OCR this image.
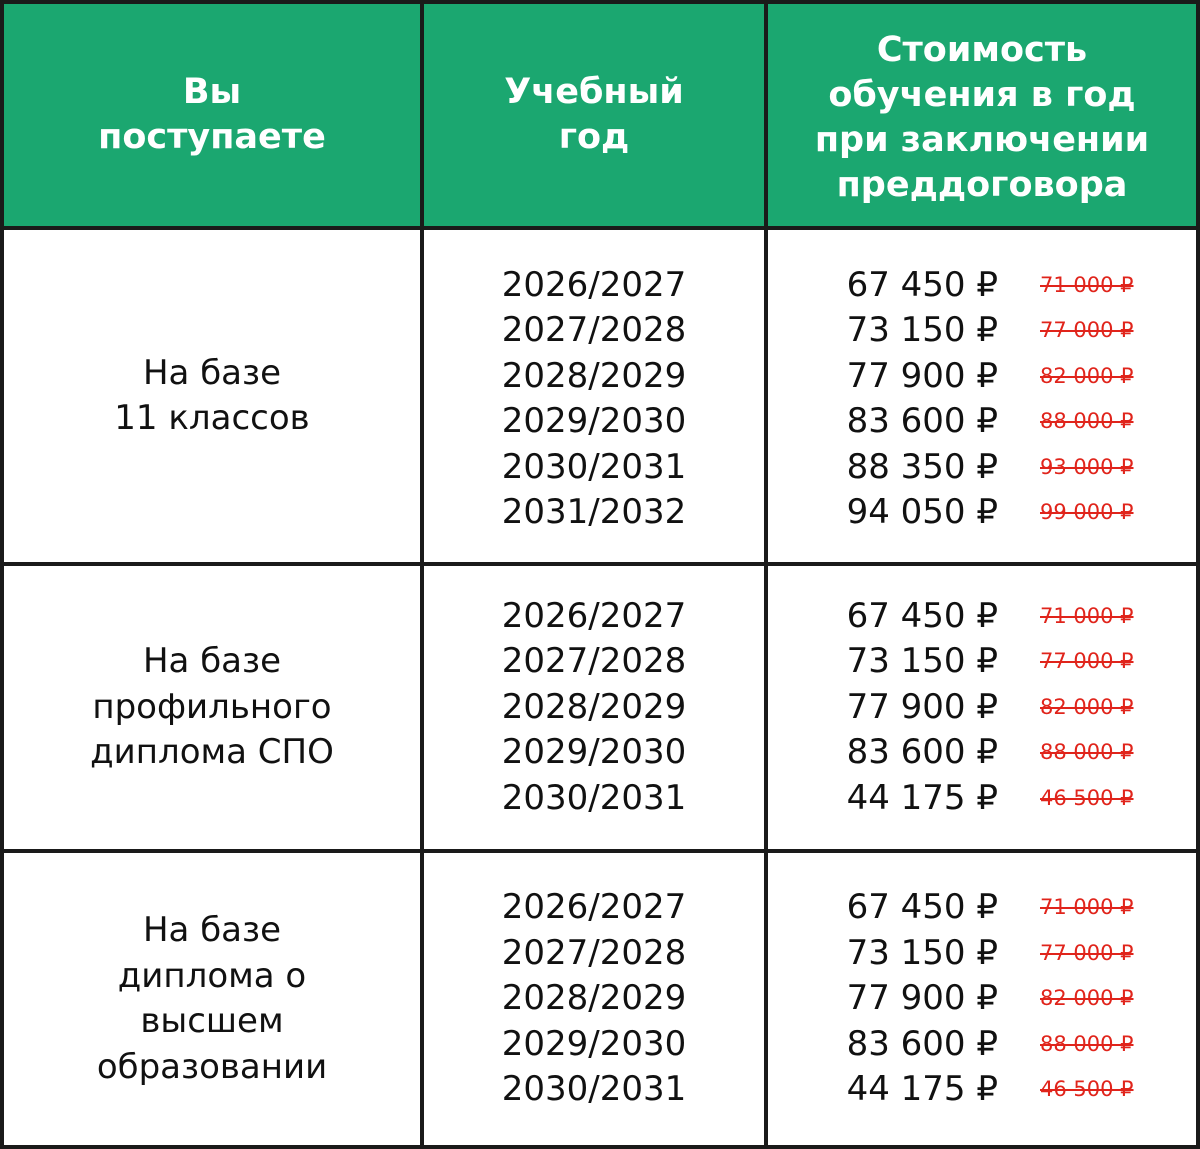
Вы
поступаете
Учебный
год
Стоимость
обучения в год
при заключении
преддоговора
На базе
11 классов
2026/2027
2027/2028
2028/2029
2029/2030
2030/2031
2031/2032
67 450 ₽ 71 000 ₽
73 150 ₽ 77 000 ₽
77 900 ₽ 82 000 ₽
83 600 ₽ 88 000 ₽
88 350 ₽ 93 000 ₽
94 050 ₽ 99 000 ₽
На базе
профильного
диплома СПО
2026/2027
2027/2028
2028/2029
2029/2030
2030/2031
67 450 ₽ 71 000 ₽
73 150 ₽ 77 000 ₽
77 900 ₽ 82 000 ₽
83 600 ₽ 88 000 ₽
44 175 ₽ 46 500 ₽
На базе
диплома о
высшем
образовании
2026/2027
2027/2028
2028/2029
2029/2030
2030/2031
67 450 ₽ 71 000 ₽
73 150 ₽ 77 000 ₽
77 900 ₽ 82 000 ₽
83 600 ₽ 88 000 ₽
44 175 ₽ 46 500 ₽
